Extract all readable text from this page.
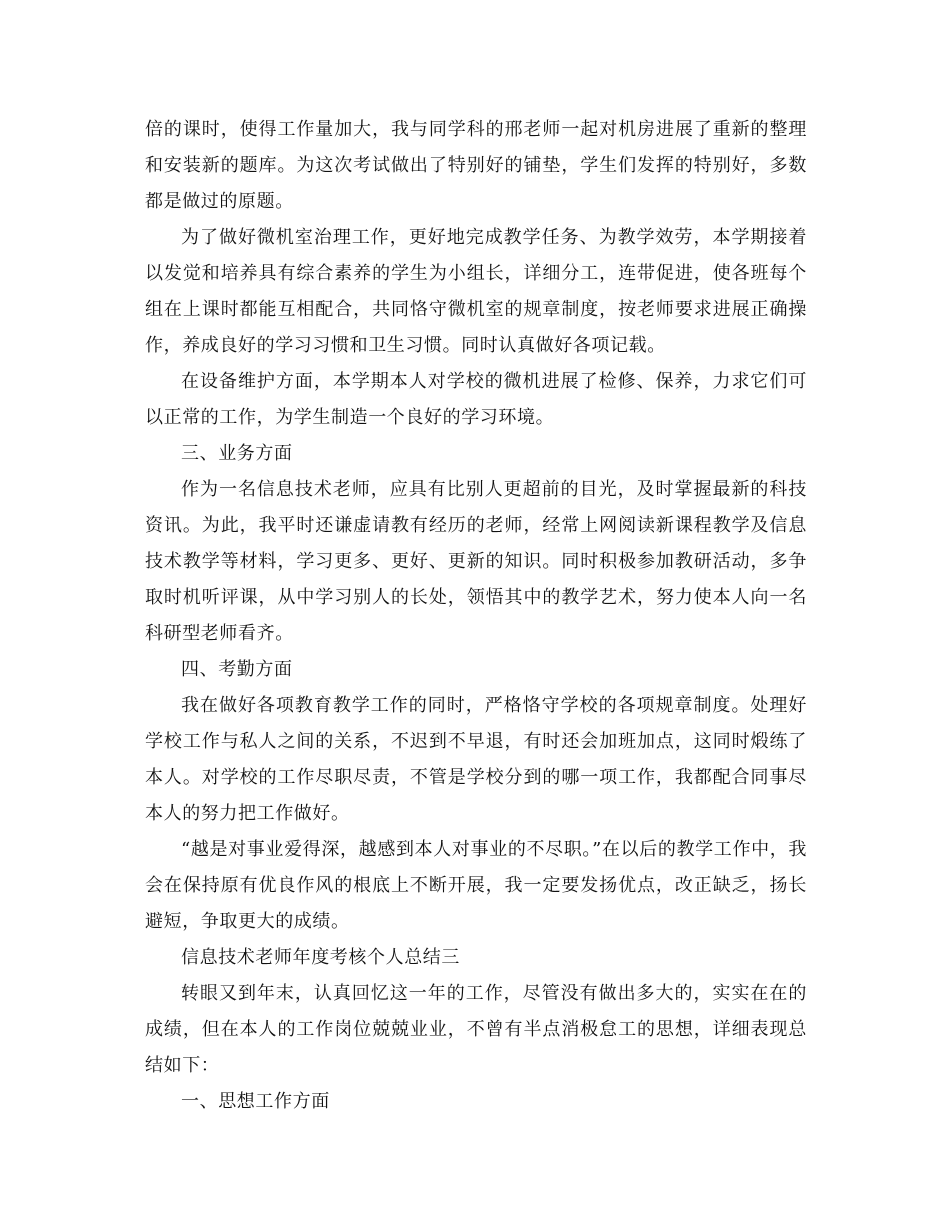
倍的课时，使得工作量加大，我与同学科的邢老师一起对机房进展了重新的整理和安装新的题库。为这次考试做出了特别好的铺垫，学生们发挥的特别好，多数都是做过的原题。

为了做好微机室治理工作，更好地完成教学任务、为教学效劳，本学期接着以发觉和培养具有综合素养的学生为小组长，详细分工，连带促进，使各班每个组在上课时都能互相配合，共同恪守微机室的规章制度，按老师要求进展正确操作，养成良好的学习习惯和卫生习惯。同时认真做好各项记载。

在设备维护方面，本学期本人对学校的微机进展了检修、保养，力求它们可以正常的工作，为学生制造一个良好的学习环境。

三、业务方面

作为一名信息技术老师，应具有比别人更超前的目光，及时掌握最新的科技资讯。为此，我平时还谦虚请教有经历的老师，经常上网阅读新课程教学及信息技术教学等材料，学习更多、更好、更新的知识。同时积极参加教研活动，多争取时机听评课，从中学习别人的长处，领悟其中的教学艺术，努力使本人向一名科研型老师看齐。

四、考勤方面

我在做好各项教育教学工作的同时，严格恪守学校的各项规章制度。处理好学校工作与私人之间的关系，不迟到不早退，有时还会加班加点，这同时煅练了本人。对学校的工作尽职尽责，不管是学校分到的哪一项工作，我都配合同事尽本人的努力把工作做好。

“越是对事业爱得深，越感到本人对事业的不尽职。”在以后的教学工作中，我会在保持原有优良作风的根底上不断开展，我一定要发扬优点，改正缺乏，扬长避短，争取更大的成绩。

信息技术老师年度考核个人总结三

转眼又到年末，认真回忆这一年的工作，尽管没有做出多大的，实实在在的成绩，但在本人的工作岗位兢兢业业，不曾有半点消极怠工的思想，详细表现总结如下：

一、思想工作方面
